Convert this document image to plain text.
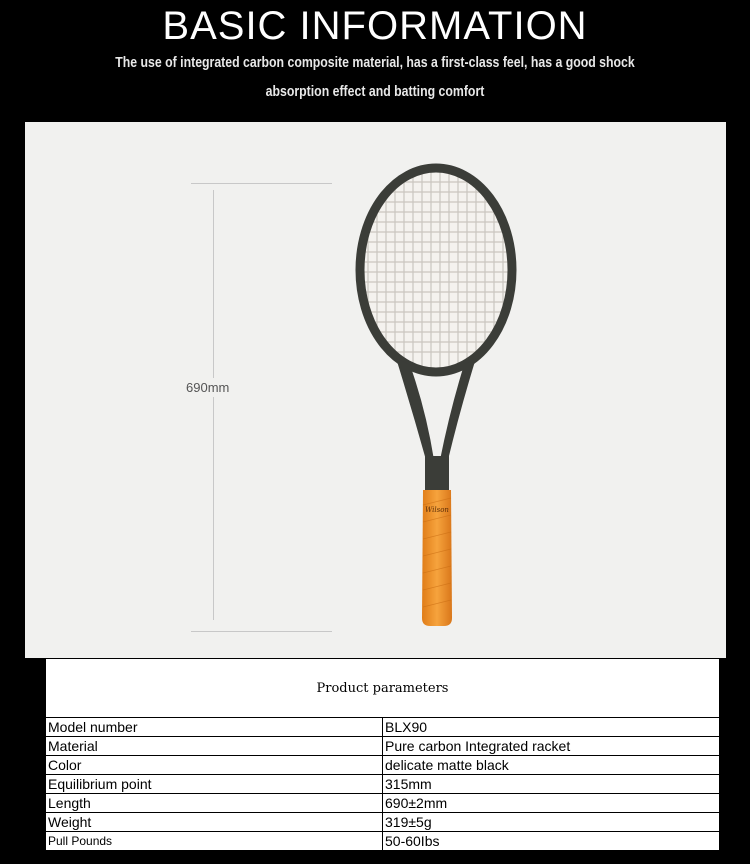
BASIC INFORMATION
The use of integrated carbon composite material, has a first-class feel, has a good shock
absorption effect and batting comfort
690mm
Wilson
Product parameters	
Model number	BLX90
Material	Pure carbon Integrated racket
Color	delicate matte black
Equilibrium point	315mm
Length	690±2mm
Weight	319±5g
Pull Pounds	50-60Ibs
